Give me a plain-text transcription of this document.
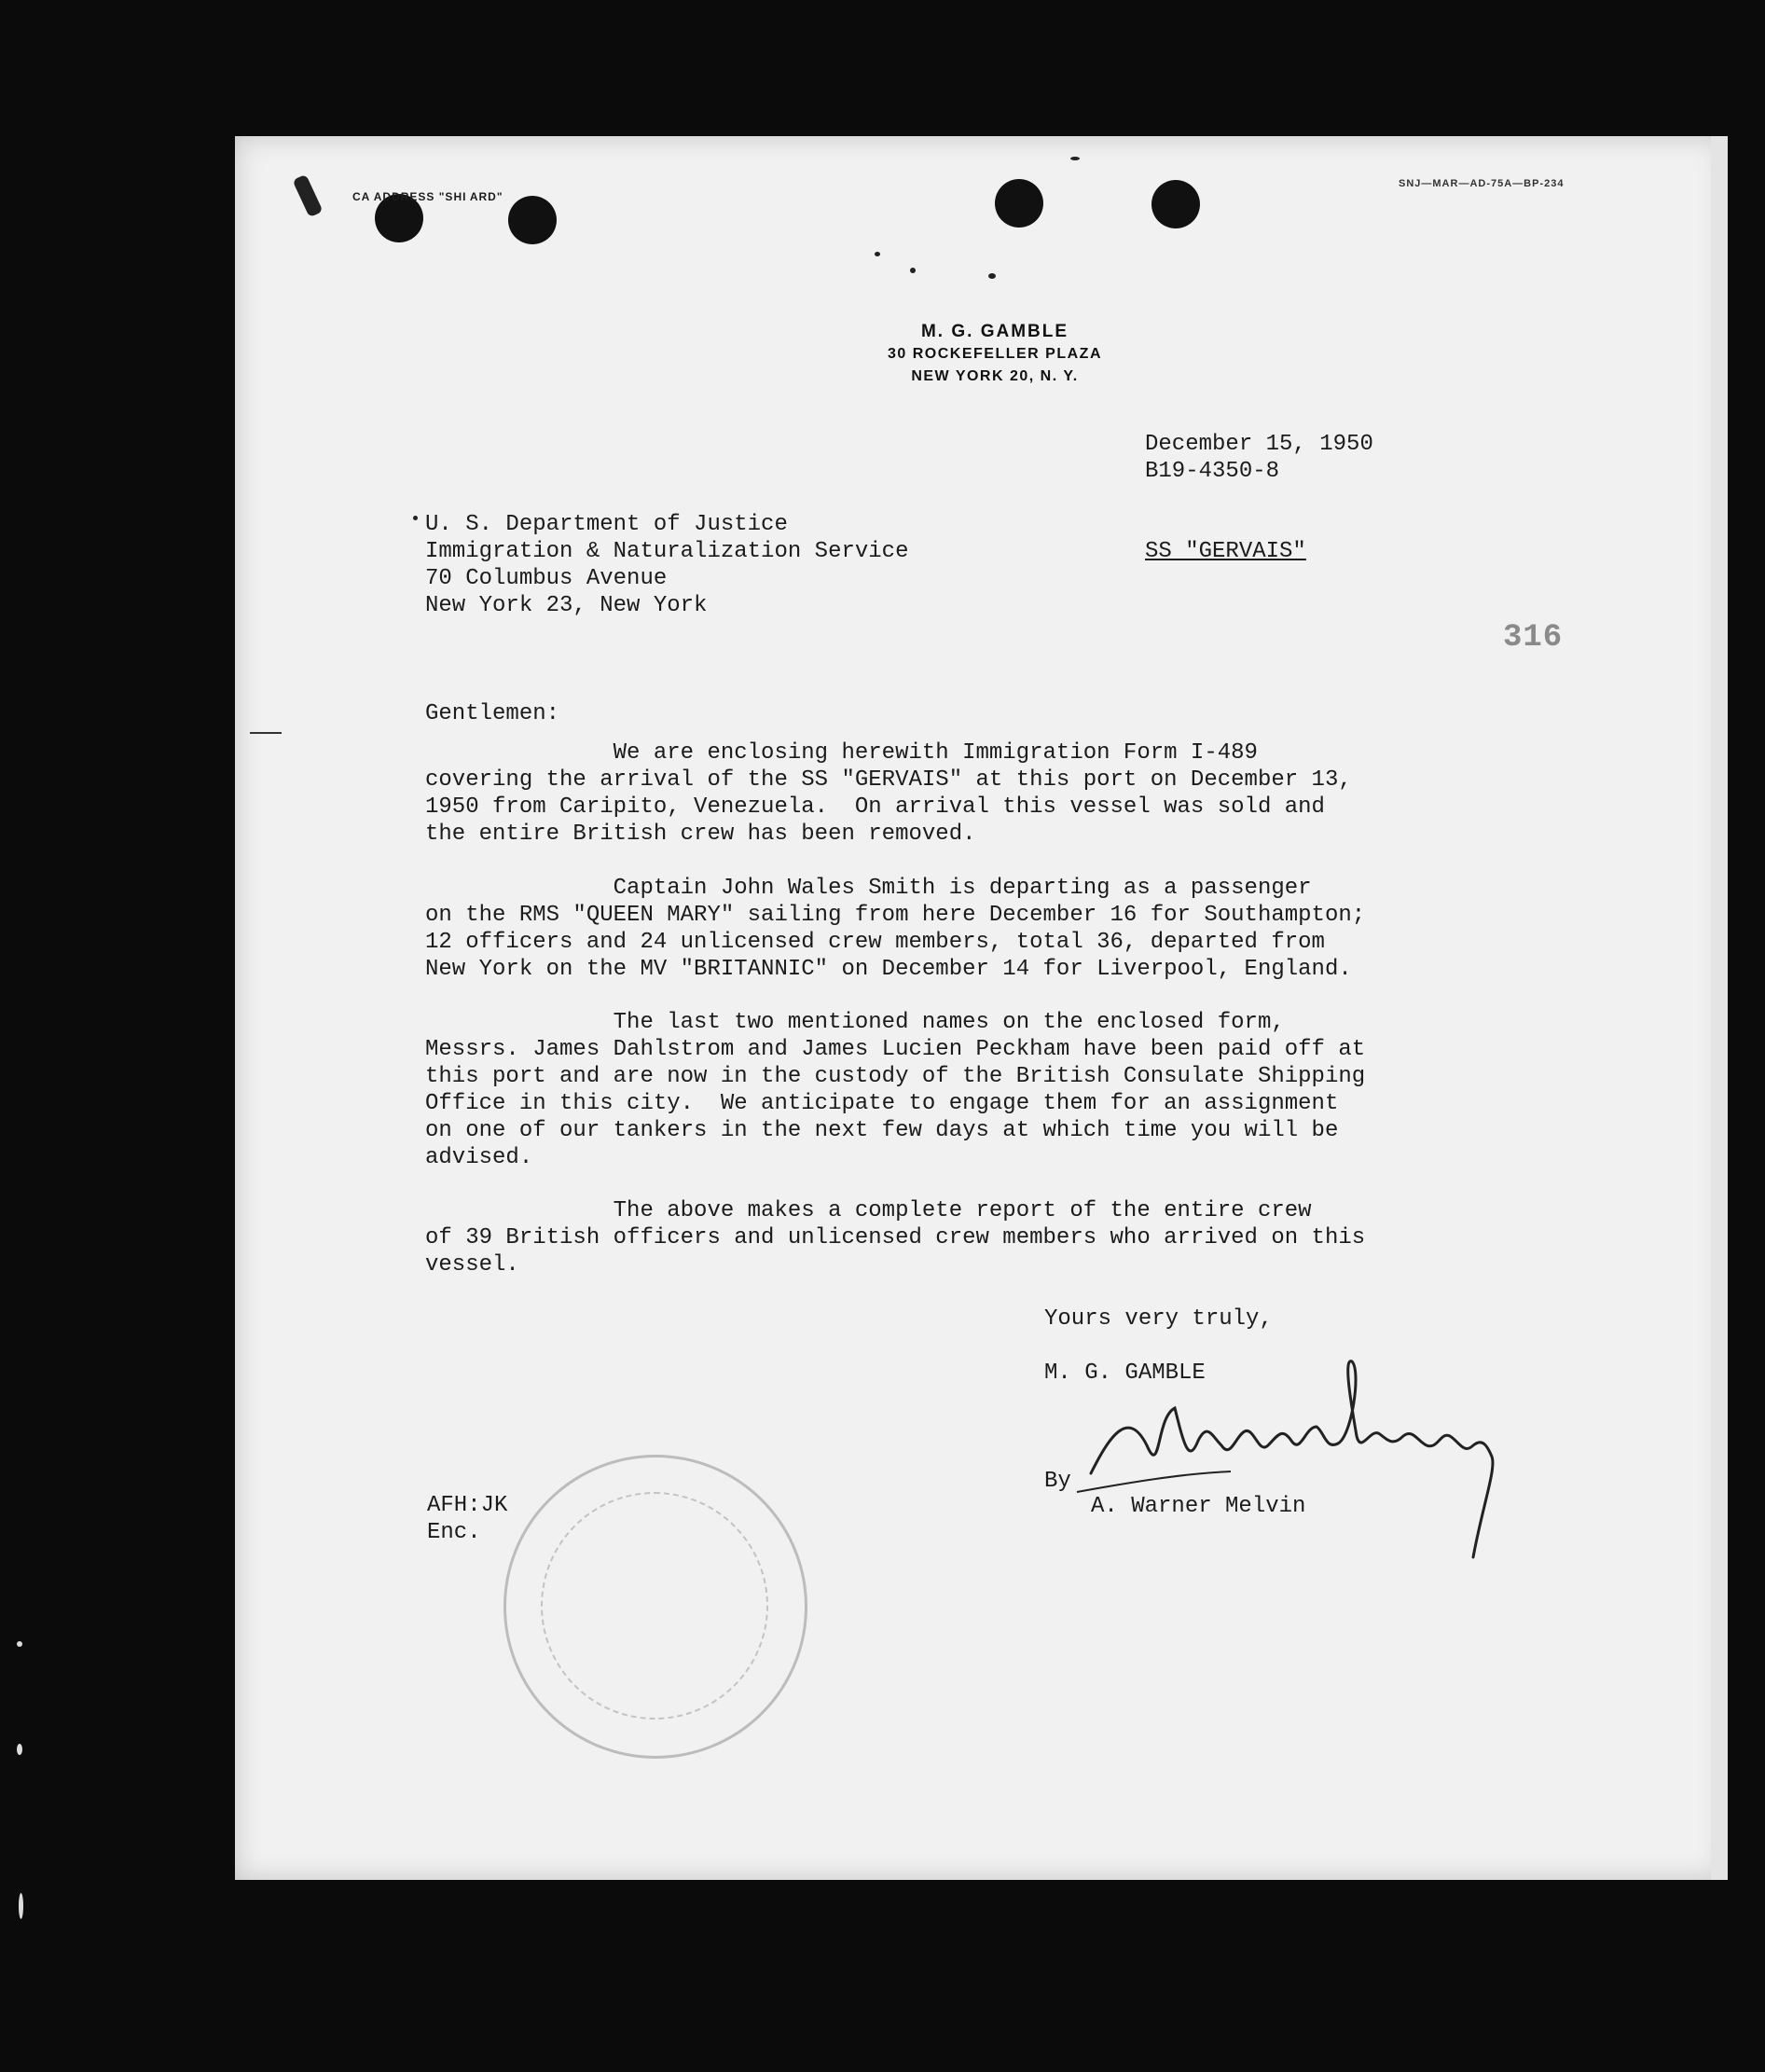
CA ADDRESS "SHI ARD"
SNJ—MAR—AD-75A—BP-234
M. G. GAMBLE
30 ROCKEFELLER PLAZA
NEW YORK 20, N. Y.
December 15, 1950
B19-4350-8
U. S. Department of Justice
Immigration & Naturalization Service
70 Columbus Avenue
New York 23, New York
SS "GERVAIS"
316
Gentlemen:
We are enclosing herewith Immigration Form I-489
covering the arrival of the SS "GERVAIS" at this port on December 13,
1950 from Caripito, Venezuela.  On arrival this vessel was sold and
the entire British crew has been removed.
Captain John Wales Smith is departing as a passenger
on the RMS "QUEEN MARY" sailing from here December 16 for Southampton;
12 officers and 24 unlicensed crew members, total 36, departed from
New York on the MV "BRITANNIC" on December 14 for Liverpool, England.
The last two mentioned names on the enclosed form,
Messrs. James Dahlstrom and James Lucien Peckham have been paid off at
this port and are now in the custody of the British Consulate Shipping
Office in this city.  We anticipate to engage them for an assignment
on one of our tankers in the next few days at which time you will be
advised.
The above makes a complete report of the entire crew
of 39 British officers and unlicensed crew members who arrived on this
vessel.
Yours very truly,
M. G. GAMBLE
By
A. Warner Melvin
AFH:JK
Enc.
